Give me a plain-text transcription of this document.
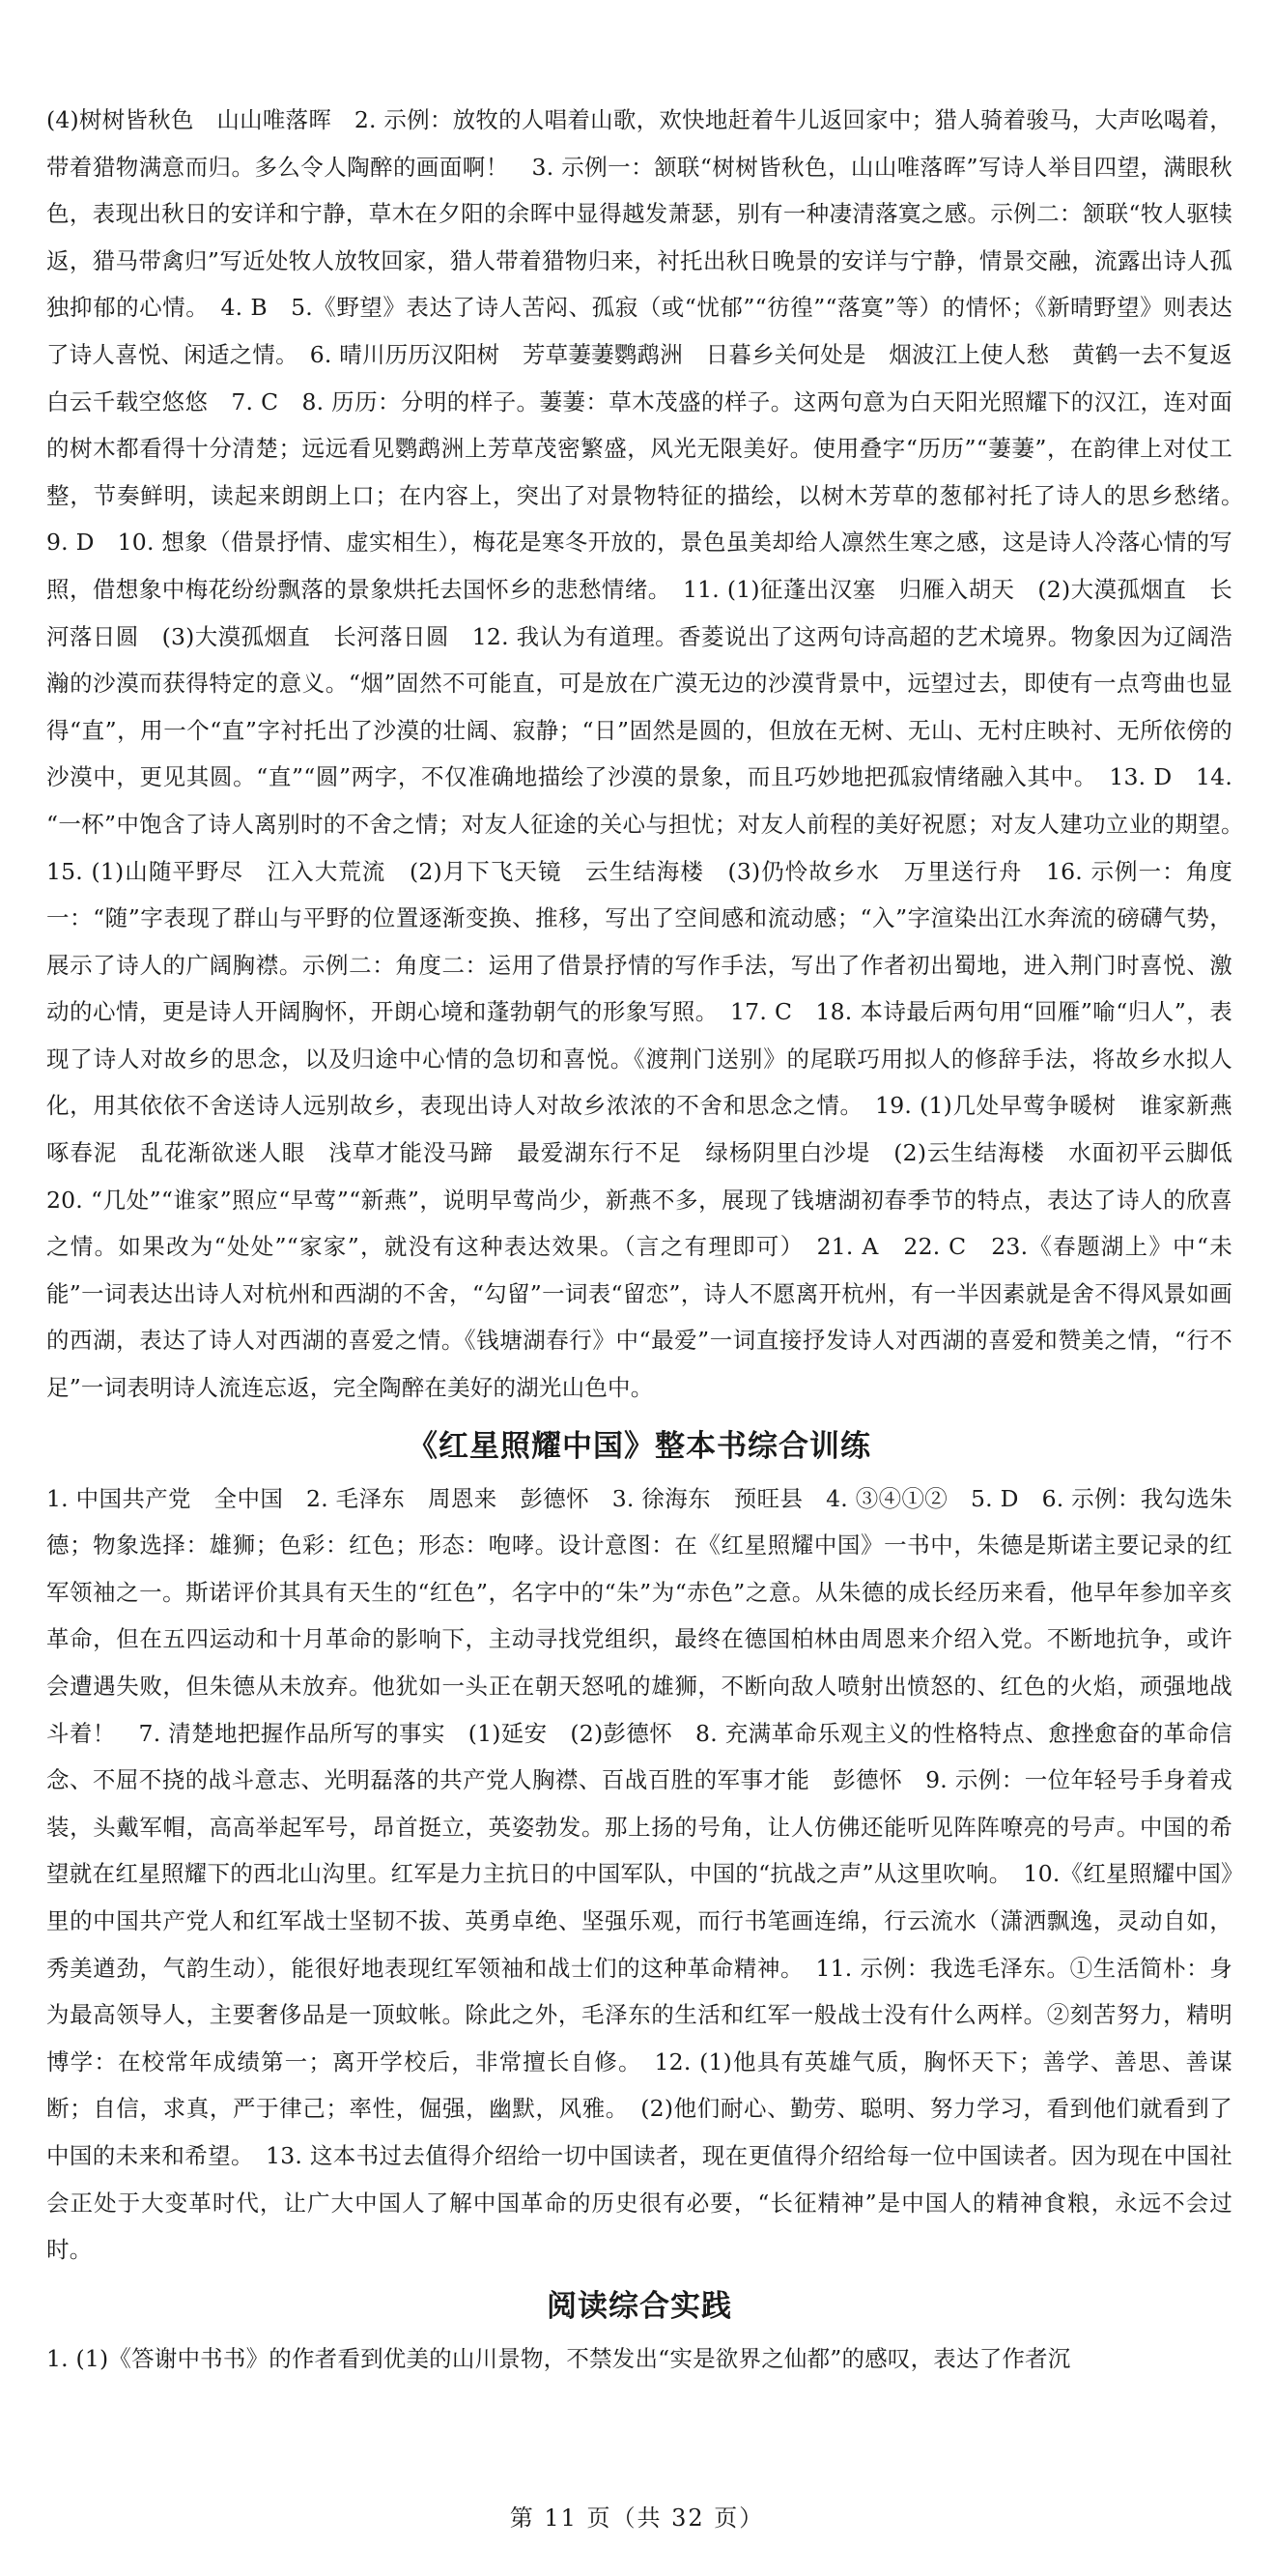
(4)树树皆秋色　山山唯落晖　2. 示例：放牧的人唱着山歌，欢快地赶着牛儿返回家中；猎人骑着骏马，大声吆喝着，带着猎物满意而归。多么令人陶醉的画面啊！　3. 示例一：颔联“树树皆秋色，山山唯落晖”写诗人举目四望，满眼秋色，表现出秋日的安详和宁静，草木在夕阳的余晖中显得越发萧瑟，别有一种凄清落寞之感。示例二：颔联“牧人驱犊返，猎马带禽归”写近处牧人放牧回家，猎人带着猎物归来，衬托出秋日晚景的安详与宁静，情景交融，流露出诗人孤独抑郁的心情。　4. B　5.《野望》表达了诗人苦闷、孤寂（或“忧郁”“彷徨”“落寞”等）的情怀；《新晴野望》则表达了诗人喜悦、闲适之情。　6. 晴川历历汉阳树　芳草萋萋鹦鹉洲　日暮乡关何处是　烟波江上使人愁　黄鹤一去不复返　白云千载空悠悠　7. C　8. 历历：分明的样子。萋萋：草木茂盛的样子。这两句意为白天阳光照耀下的汉江，连对面的树木都看得十分清楚；远远看见鹦鹉洲上芳草茂密繁盛，风光无限美好。使用叠字“历历”“萋萋”，在韵律上对仗工整，节奏鲜明，读起来朗朗上口；在内容上，突出了对景物特征的描绘，以树木芳草的葱郁衬托了诗人的思乡愁绪。　9. D　10. 想象（借景抒情、虚实相生），梅花是寒冬开放的，景色虽美却给人凛然生寒之感，这是诗人冷落心情的写照，借想象中梅花纷纷飘落的景象烘托去国怀乡的悲愁情绪。　11. (1)征蓬出汉塞　归雁入胡天　(2)大漠孤烟直　长河落日圆　(3)大漠孤烟直　长河落日圆　12. 我认为有道理。香菱说出了这两句诗高超的艺术境界。物象因为辽阔浩瀚的沙漠而获得特定的意义。“烟”固然不可能直，可是放在广漠无边的沙漠背景中，远望过去，即使有一点弯曲也显得“直”，用一个“直”字衬托出了沙漠的壮阔、寂静；“日”固然是圆的，但放在无树、无山、无村庄映衬、无所依傍的沙漠中，更见其圆。“直”“圆”两字，不仅准确地描绘了沙漠的景象，而且巧妙地把孤寂情绪融入其中。　13. D　14. “一杯”中饱含了诗人离别时的不舍之情；对友人征途的关心与担忧；对友人前程的美好祝愿；对友人建功立业的期望。　15. (1)山随平野尽　江入大荒流　(2)月下飞天镜　云生结海楼　(3)仍怜故乡水　万里送行舟　16. 示例一：角度一：“随”字表现了群山与平野的位置逐渐变换、推移，写出了空间感和流动感；“入”字渲染出江水奔流的磅礴气势，展示了诗人的广阔胸襟。示例二：角度二：运用了借景抒情的写作手法，写出了作者初出蜀地，进入荆门时喜悦、激动的心情，更是诗人开阔胸怀，开朗心境和蓬勃朝气的形象写照。　17. C　18. 本诗最后两句用“回雁”喻“归人”，表现了诗人对故乡的思念，以及归途中心情的急切和喜悦。《渡荆门送别》的尾联巧用拟人的修辞手法，将故乡水拟人化，用其依依不舍送诗人远别故乡，表现出诗人对故乡浓浓的不舍和思念之情。　19. (1)几处早莺争暖树　谁家新燕啄春泥　乱花渐欲迷人眼　浅草才能没马蹄　最爱湖东行不足　绿杨阴里白沙堤　(2)云生结海楼　水面初平云脚低　20. “几处”“谁家”照应“早莺”“新燕”，说明早莺尚少，新燕不多，展现了钱塘湖初春季节的特点，表达了诗人的欣喜之情。如果改为“处处”“家家”，就没有这种表达效果。（言之有理即可）　21. A　22. C　23.《春题湖上》中“未能”一词表达出诗人对杭州和西湖的不舍，“勾留”一词表“留恋”，诗人不愿离开杭州，有一半因素就是舍不得风景如画的西湖，表达了诗人对西湖的喜爱之情。《钱塘湖春行》中“最爱”一词直接抒发诗人对西湖的喜爱和赞美之情，“行不足”一词表明诗人流连忘返，完全陶醉在美好的湖光山色中。

《红星照耀中国》整本书综合训练

1. 中国共产党　全中国　2. 毛泽东　周恩来　彭德怀　3. 徐海东　预旺县　4. ③④①②　5. D　6. 示例：我勾选朱德；物象选择：雄狮；色彩：红色；形态：咆哮。设计意图：在《红星照耀中国》一书中，朱德是斯诺主要记录的红军领袖之一。斯诺评价其具有天生的“红色”，名字中的“朱”为“赤色”之意。从朱德的成长经历来看，他早年参加辛亥革命，但在五四运动和十月革命的影响下，主动寻找党组织，最终在德国柏林由周恩来介绍入党。不断地抗争，或许会遭遇失败，但朱德从未放弃。他犹如一头正在朝天怒吼的雄狮，不断向敌人喷射出愤怒的、红色的火焰，顽强地战斗着！　7. 清楚地把握作品所写的事实　(1)延安　(2)彭德怀　8. 充满革命乐观主义的性格特点、愈挫愈奋的革命信念、不屈不挠的战斗意志、光明磊落的共产党人胸襟、百战百胜的军事才能　彭德怀　9. 示例：一位年轻号手身着戎装，头戴军帽，高高举起军号，昂首挺立，英姿勃发。那上扬的号角，让人仿佛还能听见阵阵嘹亮的号声。中国的希望就在红星照耀下的西北山沟里。红军是力主抗日的中国军队，中国的“抗战之声”从这里吹响。　10.《红星照耀中国》里的中国共产党人和红军战士坚韧不拔、英勇卓绝、坚强乐观，而行书笔画连绵，行云流水（潇洒飘逸，灵动自如，秀美遒劲，气韵生动），能很好地表现红军领袖和战士们的这种革命精神。　11. 示例：我选毛泽东。①生活简朴：身为最高领导人，主要奢侈品是一顶蚊帐。除此之外，毛泽东的生活和红军一般战士没有什么两样。②刻苦努力，精明博学：在校常年成绩第一；离开学校后，非常擅长自修。　12. (1)他具有英雄气质，胸怀天下；善学、善思、善谋断；自信，求真，严于律己；率性，倔强，幽默，风雅。　(2)他们耐心、勤劳、聪明、努力学习，看到他们就看到了中国的未来和希望。　13. 这本书过去值得介绍给一切中国读者，现在更值得介绍给每一位中国读者。因为现在中国社会正处于大变革时代，让广大中国人了解中国革命的历史很有必要，“长征精神”是中国人的精神食粮，永远不会过时。

阅读综合实践

1. (1)《答谢中书书》的作者看到优美的山川景物，不禁发出“实是欲界之仙都”的感叹，表达了作者沉

第 11 页（共 32 页）
